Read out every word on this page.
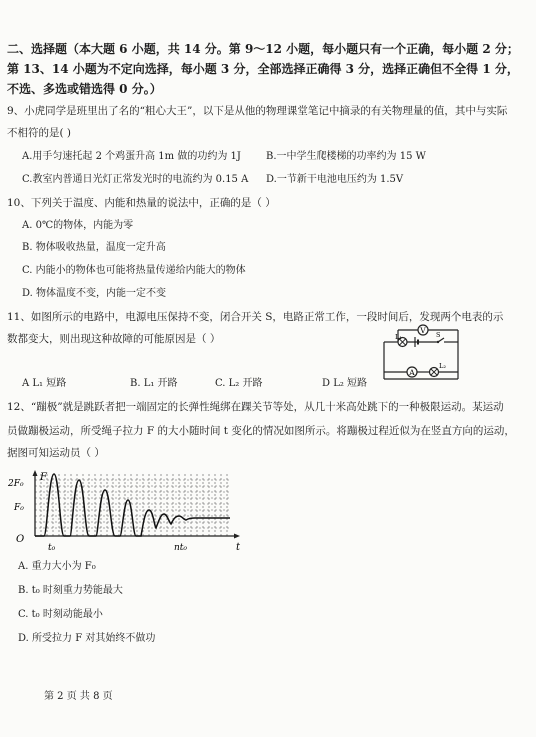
二、选择题（本大题 6 小题，共 14 分。第 9～12 小题，每小题只有一个正确，每小题 2 分；
第 13、14 小题为不定向选择，每小题 3 分，全部选择正确得 3 分，选择正确但不全得 1 分，
不选、多选或错选得 0 分。）
9、小虎同学是班里出了名的“粗心大王”，以下是从他的物理课堂笔记中摘录的有关物理量的值，其中与实际
不相符的是( )
A.用手匀速托起 2 个鸡蛋升高 1m 做的功约为 1J	B.一中学生爬楼梯的功率约为 15 W
C.教室内普通日光灯正常发光时的电流约为 0.15 A D.一节新干电池电压约为 1.5V
10、下列关于温度、内能和热量的说法中，正确的是（ ）
A. 0℃的物体，内能为零
B. 物体吸收热量，温度一定升高
C. 内能小的物体也可能将热量传递给内能大的物体
D. 物体温度不变，内能一定不变
11、如图所示的电路中，电源电压保持不变，闭合开关 S，电路正常工作，一段时间后，发现两个电表的示
数都变大，则出现这种故障的可能原因是（ ）
V
L₁	S
A
L₂
A L₁ 短路	B. L₁ 开路	C. L₂ 开路	D L₂ 短路
12、“蹦极”就是跳跃者把一端固定的长弹性绳绑在踝关节等处，从几十米高处跳下的一种极限运动。某运动
员做蹦极运动，所受绳子拉力 F 的大小随时间 t 变化的情况如图所示。将蹦极过程近似为在竖直方向的运动，
据图可知运动员（ ）
F
t
2F₀
F₀
O
t₀	nt₀
A. 重力大小为 F₀
B. t₀ 时刻重力势能最大
C. t₀ 时刻动能最小
D. 所受拉力 F 对其始终不做功
第 2 页 共 8 页
